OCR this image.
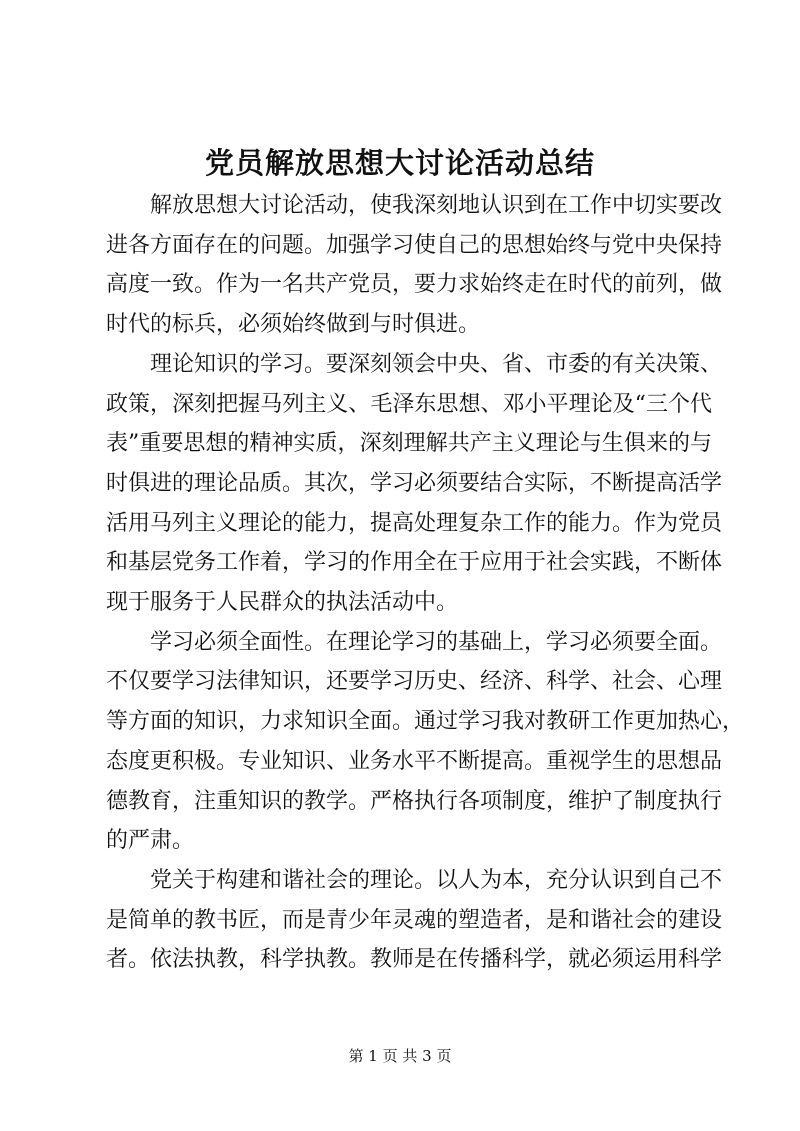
党员解放思想大讨论活动总结

解放思想大讨论活动，使我深刻地认识到在工作中切实要改

进各方面存在的问题。加强学习使自己的思想始终与党中央保持

高度一致。作为一名共产党员，要力求始终走在时代的前列，做

时代的标兵，必须始终做到与时俱进。

理论知识的学习。要深刻领会中央、省、市委的有关决策、

政策，深刻把握马列主义、毛泽东思想、邓小平理论及“三个代

表”重要思想的精神实质，深刻理解共产主义理论与生俱来的与

时俱进的理论品质。其次，学习必须要结合实际，不断提高活学

活用马列主义理论的能力，提高处理复杂工作的能力。作为党员

和基层党务工作着，学习的作用全在于应用于社会实践，不断体

现于服务于人民群众的执法活动中。

学习必须全面性。在理论学习的基础上，学习必须要全面。

不仅要学习法律知识，还要学习历史、经济、科学、社会、心理

等方面的知识，力求知识全面。通过学习我对教研工作更加热心，

态度更积极。专业知识、业务水平不断提高。重视学生的思想品

德教育，注重知识的教学。严格执行各项制度，维护了制度执行

的严肃。

党关于构建和谐社会的理论。以人为本，充分认识到自己不

是简单的教书匠，而是青少年灵魂的塑造者，是和谐社会的建设

者。依法执教，科学执教。教师是在传播科学，就必须运用科学

第 1 页 共 3 页
